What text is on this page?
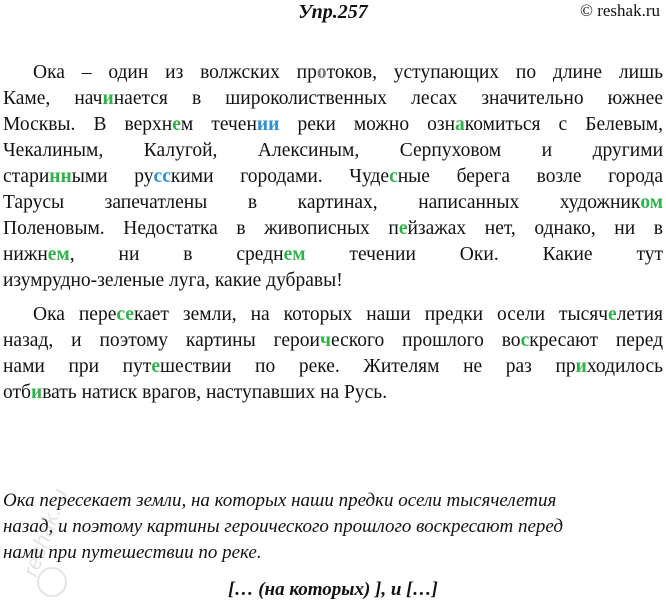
Упр.257	© reshak.ru
Ока – один из волжских протоков, уступающих по длине лишь
Каме, начинается в широколиственных лесах значительно южнее
Москвы. В верхнем течении реки можно ознакомиться с Белевым,
Чекалиным, Калугой, Алексиным, Серпуховом и другими
старинными русскими городами. Чудесные берега возле города
Тарусы запечатлены в картинах, написанных художником
Поленовым. Недостатка в живописных пейзажах нет, однако, ни в
нижнем, ни в среднем течении Оки. Какие тут
изумрудно-зеленые луга, какие дубравы!
Ока пересекает земли, на которых наши предки осели тысячелетия
назад, и поэтому картины героического прошлого воскресают перед
нами при путешествии по реке. Жителям не раз приходилось
отбивать натиск врагов, наступавших на Русь.
Ока пересекает земли, на которых наши предки осели тысячелетия
назад, и поэтому картины героического прошлого воскресают перед
нами при путешествии по реке.
[… (на которых) ], и […]
reshak.ru
